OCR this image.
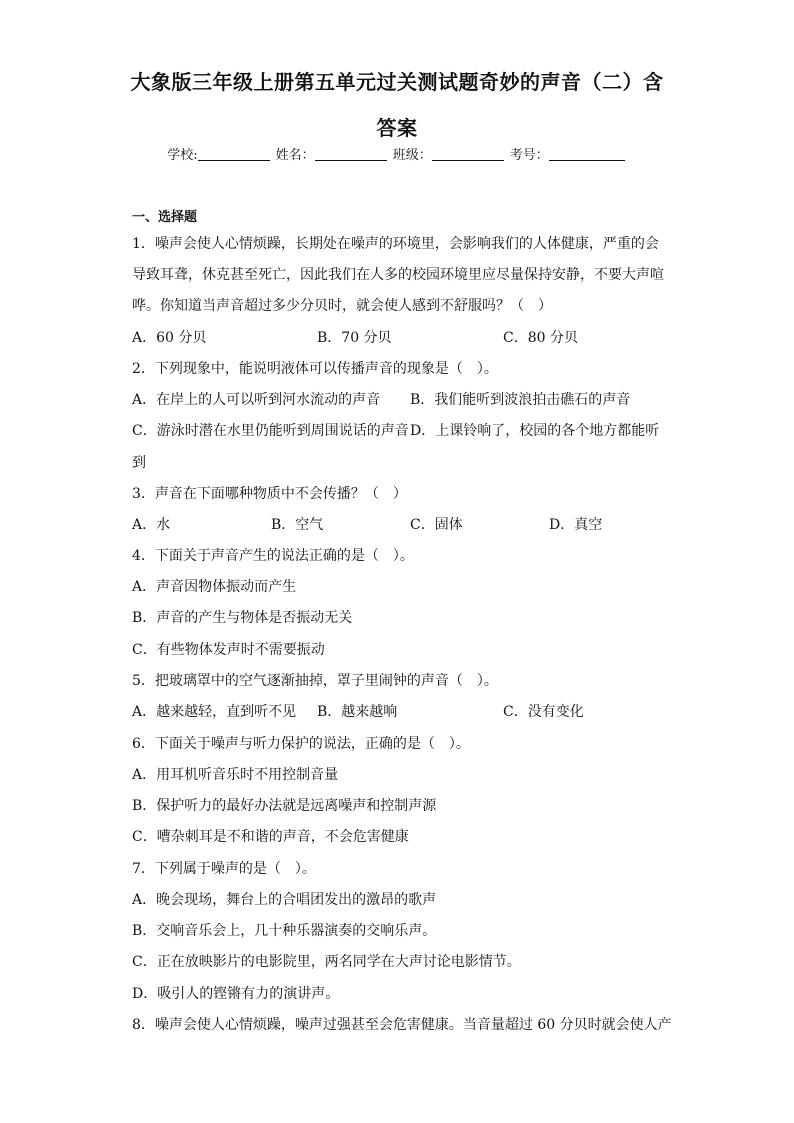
大象版三年级上册第五单元过关测试题奇妙的声音（二）含
答案
学校:	姓名：	班级：	考号：
一、选择题
1．噪声会使人心情烦躁，长期处在噪声的环境里，会影响我们的人体健康，严重的会
导致耳聋，休克甚至死亡，因此我们在人多的校园环境里应尽量保持安静，不要大声喧
哗。你知道当声音超过多少分贝时，就会使人感到不舒服吗？（　）
A．60 分贝	B．70 分贝	C．80 分贝
2．下列现象中，能说明液体可以传播声音的现象是（　）。
A．在岸上的人可以听到河水流动的声音 B．我们能听到波浪拍击礁石的声音
C．游泳时潜在水里仍能听到周围说话的声音 D．上课铃响了，校园的各个地方都能听
到
3．声音在下面哪种物质中不会传播？（　）
A．水	B．空气	C．固体	D．真空
4．下面关于声音产生的说法正确的是（　）。
A．声音因物体振动而产生
B．声音的产生与物体是否振动无关
C．有些物体发声时不需要振动
5．把玻璃罩中的空气逐渐抽掉，罩子里闹钟的声音（　）。
A．越来越轻，直到听不见 B．越来越响	C．没有变化
6．下面关于噪声与听力保护的说法，正确的是（　）。
A．用耳机听音乐时不用控制音量
B．保护听力的最好办法就是远离噪声和控制声源
C．嘈杂刺耳是不和谐的声音，不会危害健康
7．下列属于噪声的是（　）。
A．晚会现场，舞台上的合唱团发出的激昂的歌声
B．交响音乐会上，几十种乐器演奏的交响乐声。
C．正在放映影片的电影院里，两名同学在大声讨论电影情节。
D．吸引人的铿锵有力的演讲声。
8．噪声会使人心情烦躁，噪声过强甚至会危害健康。当音量超过 60 分贝时就会使人产
